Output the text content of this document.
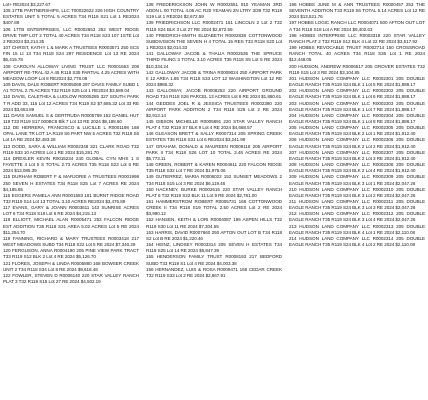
Lot+ RE2024 $3,227.67

105 17TB PARTNERSHIPS, LLC T00022622 226 HIGH COUNTRY ESTATES UNIT 5 TOTAL 5 ACRES T34 R118 S21 Lot 1 RE2024 $407.86

106 17TB ENTERPRISES, LLC R0002653 252 WEST RIDGE DRIVE TWP LOT 2 TOTAL 40 ACRES T34 R118 S23 107 1STE Lot 2 RE2024 $3,214.35

107 CHRIST, KATHY L & MARK A TRUSTEES R0003571 250 SCS FIN 15 Lt 13 T34 R118 S24 297 RESIDENCE Lot 13 RE 2024 $6,415.78

108 CAROLYN ALLOWAY LIVING TRUST LLC R0001663 208 AIRPORT RE-TRAL 42 A 45 R118 S35 PARTIAL 4.25 ACRES WITH MEADOW LOOP Lot 8 RE2024 $2,778.08

109 DAVIS, DALE ROBERT R0005069 297 DAVIS FAMILY SUBD 1 A1 TOTAL 2.75 ACRES T32 R119 S25 Lot 1 RE2024 $3,589.04

110 DAVIS, CALETHEA & LUDLOW R0005285 327 SOUTH PARK T R ADD 33, 115 Lot 12 ACRES T34 R119 S2 $7,685.32 Lot 33 RE 2024 $3,653.89

111 DAVIS SAMUEL S & GERTRUDA R0005769 152 DANIEL HUT 119 T33 R119 S17 000BC8 Blk 7 Lot 13 RE 2024 $9,188.60

112 DE HERRERA, FRANCISCO & LUCILLE L R0001198 168 OPAL LANE TR LOT 1A R119 S6 PART NW 5 ACRES T32 R119 S6 Lot 1A RE 2024 $2,483.28

113 DODD, SARA & WILLIAM R0002348 321 CLARK ROAD T32 R119 S33 10 ACRES Lot 1 RE 2024 $15,281.70

114 DREXLER KEVIN R0015234 240 GLOBAL CYN MHS 1 S FAYETTE 4 Lot 5 S TOTAL 2.73 ACRES T35 R118 S23 Lot 6 RE 2024 $13,085.39

115 DURHAM ROBERT F & MARJORIE A TRUSTEES R0001998 250 SEVEN H ESTATES T34 R118 S25 Lot 7 ACRES RE 2024 $4,185.65

116 EGGERS PAMELA ANN R0001583 181 BURNT RIDGE ROAD T32 R119 S14 Lot 13 TOTAL 3.10 ACRES RE2024 $3,476.89

117 EVANS, GARY & JOANN R0003611 143 SUNRISE ACRES LOT 6 T34 R118 S18 Lot 6 RE 2024 $4,215.13

118 ELLIOTT, MICHAEL ALAN R0005471 253 FALCON RIDGE EST ADDITION T35 R118 S31 AREA 5.02 ACRES Lot 5 RE 2024 $11,254.70

119 FANNING, RICHARD & MARY TRUSTEES R0003418 217 WEST MEADOWS SUBD T34 R118 S22 Lot 5 RE 2024 $7,340.29

120 FERGUSON, ANNA R0004190 205 PINE VIEW PARK TRACT T33 R119 S12 BLK 2 Lot 4 RE 2024 $5,126.70

121 FLORES, JOSEPH & LINDA R0005880 168 BOWSER CREEK UNIT 2 T34 R118 S34 Lot 8 RE 2024 $9,618.48

122 FOWLER, STEVEN D R0006140 220 STAR VALLEY RANCH PLAT 3 T32 R119 S15 Lot 27 RE 2024 $4,502.19

138 FREDERICKSON JOHN W R0002551 910 YEAMAN 3RD ADDN L 00 TOTAL 4.05 AC R20 YEAMAN 2N LTRY 3/39 T32 R119 S19 Lot 1 RE2024 $2,672.59

139 FRIEDRICHSON LLC R0002471 151 LINCOLN 2 Lot 2 T32 R119 S24 BLK 3 Lot 27 RE 2024 $2,672.59

140 FRIEDRICH-SMITH ELIZABETH R0002838 COTTONWOOD SUBDIVISION THE SEVEN H 4 TOTAL 15 RES T33 R118 S20 Lot 1 RE2024 $2,014.33

141 GALLOWAY JACOB & THALIA R0002536 THE SPRUCE THIRD FILING 3 TOTAL 3.10 ACRES T35 R118 S5 Lot 5 RE 2024 $10,334.24

142 GALLOWAY JACOB & TRINA R0009024 250 AIRPORT PARK II 12 AREA 1.85 T34 R118 S33 LOT 12 WASHINGTON Lot 12 RE 2024 $986.32

143 GALLOWAY, JACOB R0008253 220 AIRPORT GROUND ROAD T34 R118 S26 PARCEL 13 ACRES Lot 8 RE 2024 $1,880.61

144 GEDDES JOEL R & JESSICA TRUSTEES R0002380 220 AIRPORT PARK ADDITION 2 T34 R118 S26 Lot 2 RE 2024 $2,913.14

145 GIBSON MICHELLE R0005891 220 STAR VALLEY RANCH PLAT 4 T32 R119 S7 BLK 9 Lot 4 RE 2024 $4,668.57

146 GLEASON BRETT & SALLY R0007314 205 SPRING CREEK ESTATES T35 R118 S31 Lot 6 RE2024 $3,241.99

147 GRAHAM, DONALD & MAUREEN R0009118 205 AIRPORT PARK II T34 R118 S26 LOT 10 TOTAL 3.48 ACRES RE 2024 $5,773.11

148 GREEN, ROBERT & KAREN R0004611 220 FALCON RIDGE T35 R118 S32 Lot 7 RE 2024 $1,975.06

149 GUTIERREZ, MARIA R0006022 152 SUNSET MEADOWS 2 T34 R118 S15 Lot 3 RE 2024 $6,119.46

150 HACKNEY, BURKE R0002615 220 STAR VALLEY RANCH PLAT 6 T32 R119 S22 BLK 11 Lot 9 RE 2024 $2,781.00

151 HAMMERSTROM ROBERT R0005731 168 COTTONWOOD CREEK II T34 R118 S19 TOTAL 2.50 ACRES Lot 2 RE 2024 $3,990.12

152 HANSEN, KEITH & LORI R0004087 195 ASPEN HILLS T32 R119 S30 Lot 11 RE 2024 $7,304.55

153 HARRIS, DAVID R0007660 250 AFTON OUT LOT B T34 R118 S2 Lot B RE 2024 $1,220.46

154 HEINZ, LINDSEY R0003314 205 SEVEN H ESTATES T34 R118 S25 Lot 14 RE 2024 $5,847.39

155 HENDERSON FAMILY TRUST R0008193 217 BEDFORD SUBD T33 R119 S1 Lot 4 RE 2024 $4,003.38

156 HERNANDEZ, LUIS & ROSA R0009471 168 CEDAR CREEK T32 R119 S33 Lot 2 RE 2024 $2,667.91

196 HOBBS JUNE M & ANN TRUSTEES R0000457 253 THE SEVENTH ADDITION T33 R119 S6 TOTAL 5.14 ACRES Lot 12 RE 2024 $13,521.76

197 HOBBS LOGIC RANCH LLC R0004071 500 AFTON OUT LOT A T34 R118 S18 Lot A RE 2024 $9,402.63

198 HOBBS INTERPRISE LLC R0003318 220 STAR VALLEY RANCH PLAT 2 T32 R119 S12 BLK 4 Lot 22 RE 2024 $3,517.92

199 HOBBS REVOCABLE TRUST R0002714 150 CROSSROAD RANCH TOTAL 40 ACRES T34 R118 S36 Lot 1 RE 2024 $12,448.05

200 HUDSON, ANDREW R0006517 205 GROVER ESTATES T32 R119 S15 Lot 3 RE 2024 $3,104.85

201 HUDSON LAND COMPANY LLC R0002301 205 DOUBLE EAGLE RANCH T35 R119 S24 BLK 1 Lot 5 RE 2024 $1,888.17

202 HUDSON LAND COMPANY LLC R0002302 205 DOUBLE EAGLE RANCH T35 R119 S24 BLK 1 Lot 6 RE 2024 $1,888.17

203 HUDSON LAND COMPANY LLC R0002303 205 DOUBLE EAGLE RANCH T35 R119 S24 BLK 1 Lot 7 RE 2024 $1,888.17

204 HUDSON LAND COMPANY LLC R0002304 205 DOUBLE EAGLE RANCH T35 R119 S24 BLK 1 Lot 8 RE 2024 $1,888.17

205 HUDSON LAND COMPANY LLC R0002305 205 DOUBLE EAGLE RANCH T35 R119 S24 BLK 2 Lot 1 RE 2024 $1,912.40

206 HUDSON LAND COMPANY LLC R0002306 205 DOUBLE EAGLE RANCH T35 R119 S24 BLK 2 Lot 2 RE 2024 $1,912.40

207 HUDSON LAND COMPANY LLC R0002307 205 DOUBLE EAGLE RANCH T35 R119 S24 BLK 2 Lot 3 RE 2024 $1,912.40

208 HUDSON LAND COMPANY LLC R0002308 205 DOUBLE EAGLE RANCH T35 R119 S24 BLK 2 Lot 4 RE 2024 $1,912.40

209 HUDSON LAND COMPANY LLC R0002309 205 DOUBLE EAGLE RANCH T35 R119 S24 BLK 3 Lot 1 RE 2024 $2,047.26

210 HUDSON LAND COMPANY LLC R0002310 205 DOUBLE EAGLE RANCH T35 R119 S24 BLK 3 Lot 2 RE 2024 $2,047.26

211 HUDSON LAND COMPANY LLC R0002311 205 DOUBLE EAGLE RANCH T35 R119 S24 BLK 3 Lot 3 RE 2024 $2,047.26

212 HUDSON LAND COMPANY LLC R0002312 205 DOUBLE EAGLE RANCH T35 R119 S24 BLK 3 Lot 4 RE 2024 $2,047.26

213 HUDSON LAND COMPANY LLC R0002313 205 DOUBLE EAGLE RANCH T35 R119 S24 BLK 4 Lot 1 RE 2024 $2,110.08

214 HUDSON LAND COMPANY LLC R0002314 205 DOUBLE EAGLE RANCH T35 R119 S24 BLK 4 Lot 2 RE 2024 $2,110.08
